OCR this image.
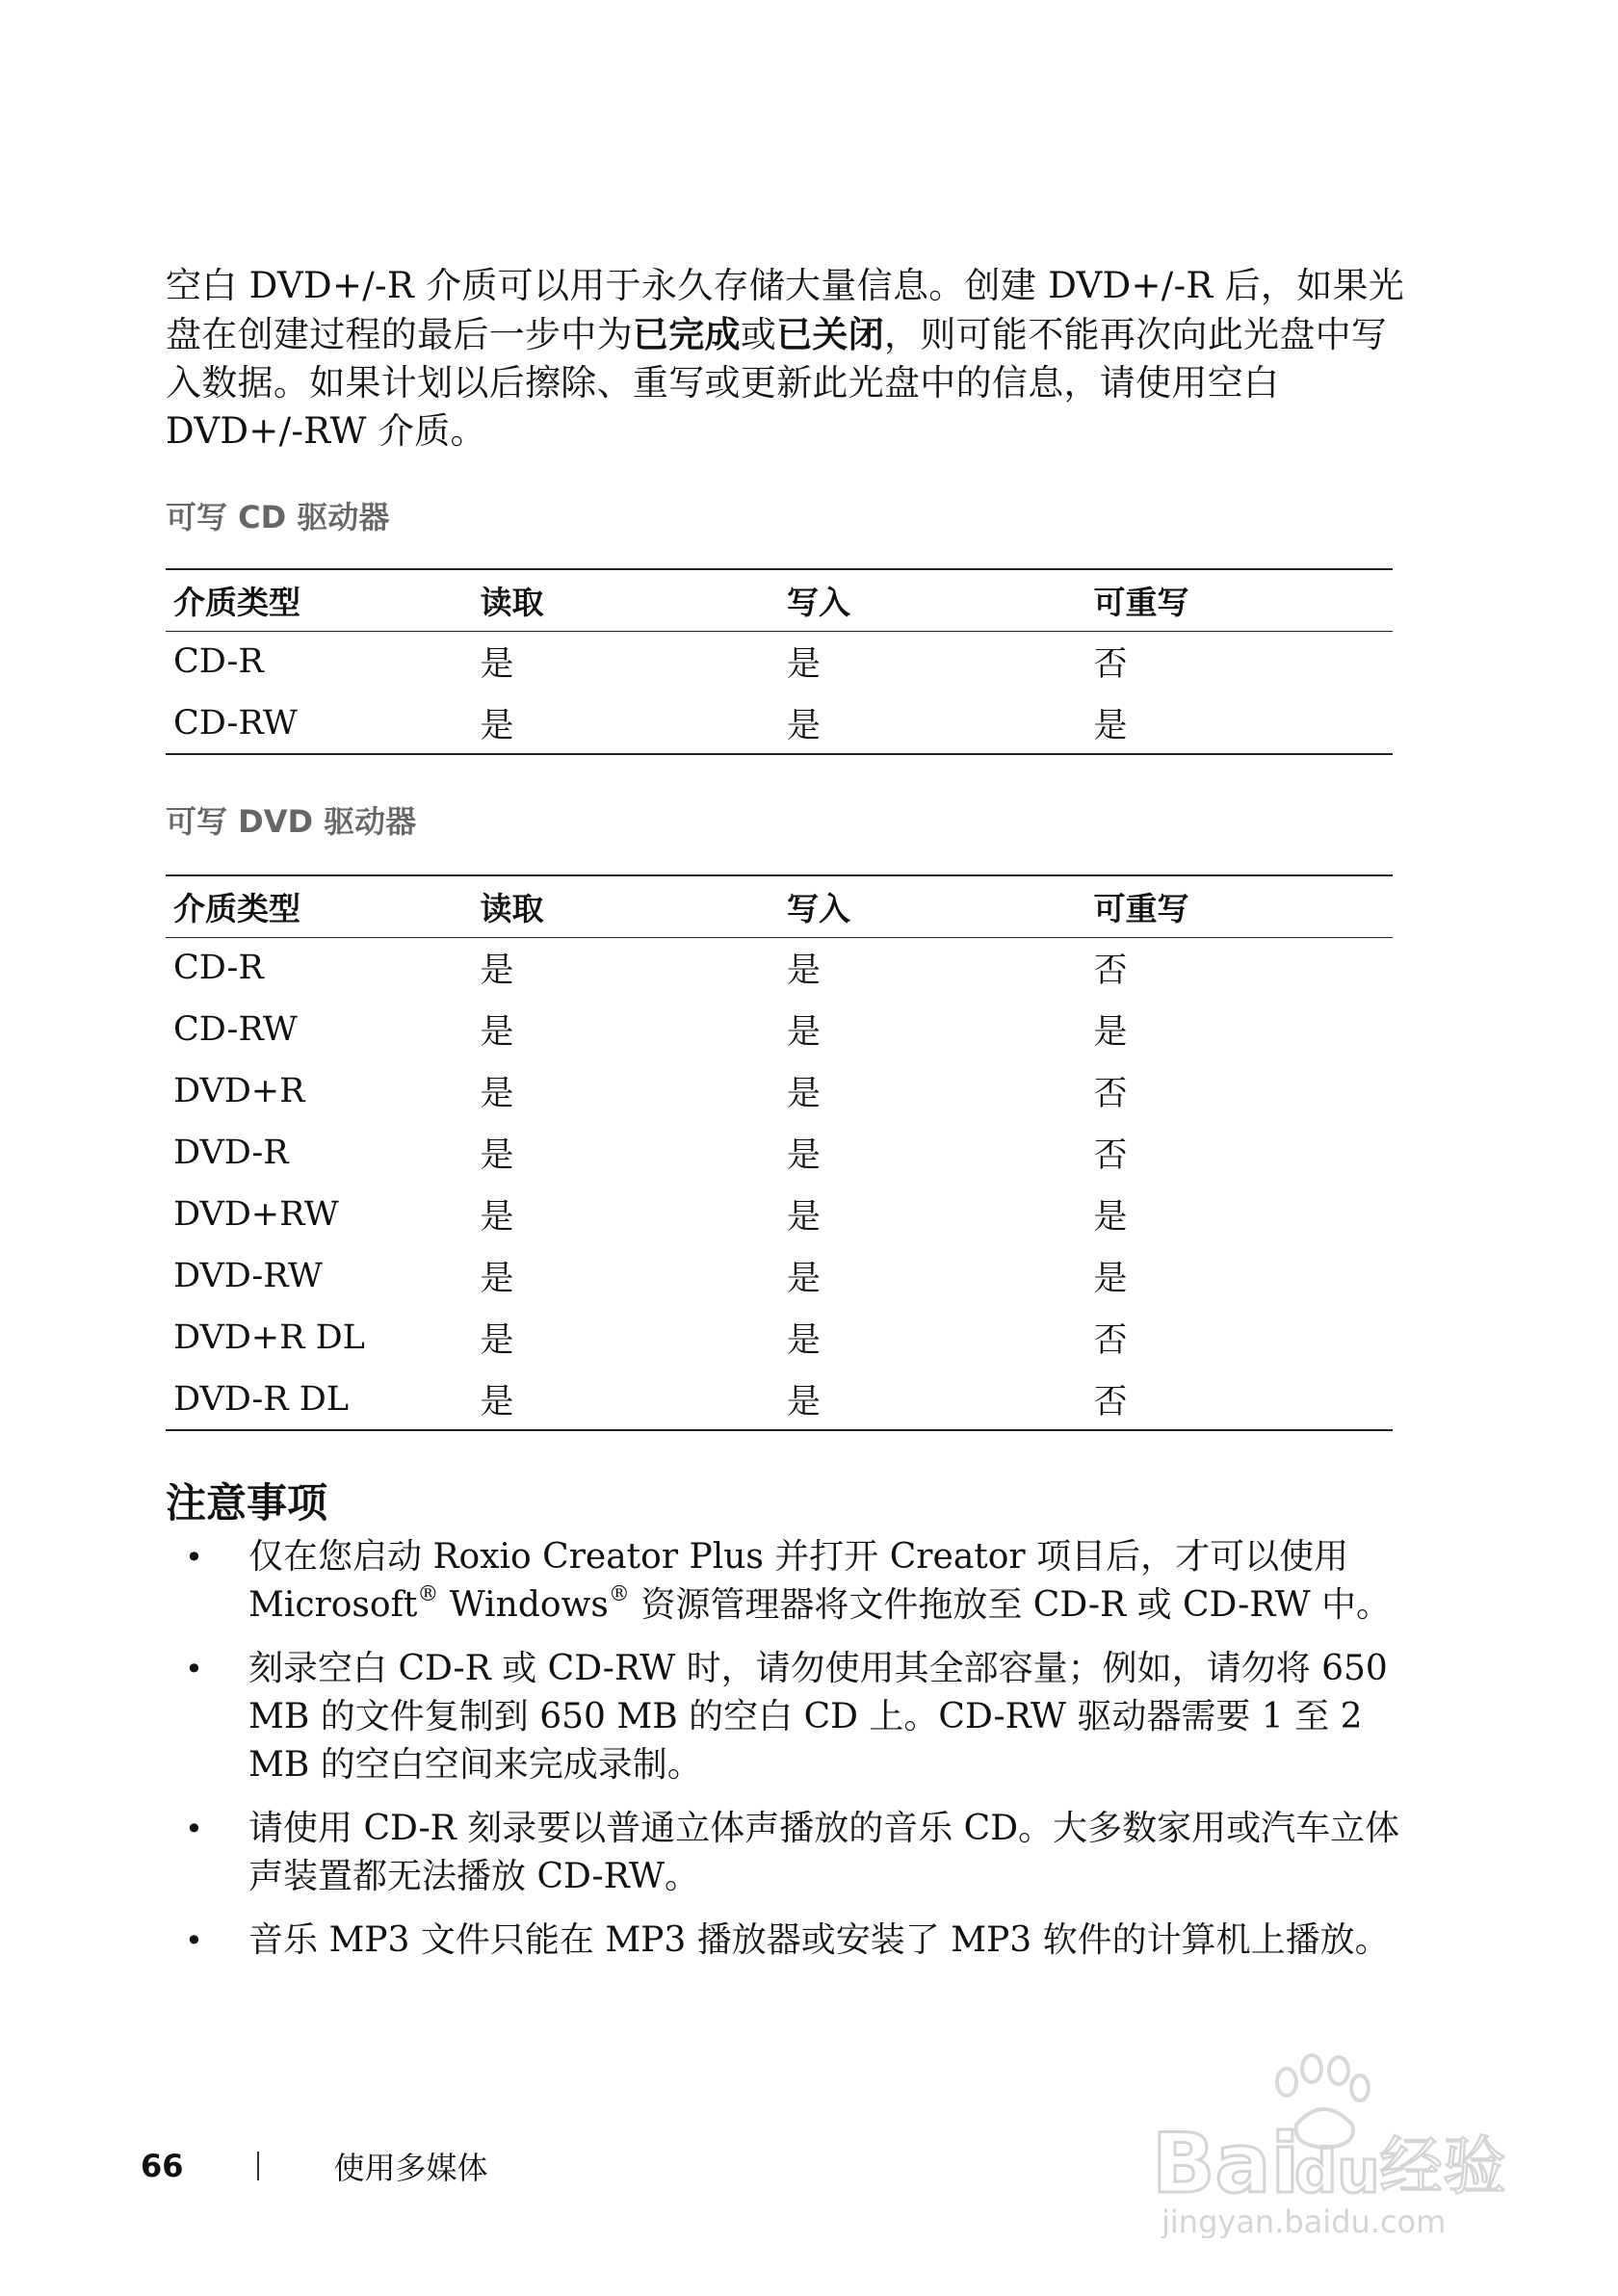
空白 DVD+/-R 介质可以用于永久存储大量信息。创建 DVD+/-R 后，如果光盘在创建过程的最后一步中为已完成或已关闭，则可能不能再次向此光盘中写入数据。如果计划以后擦除、重写或更新此光盘中的信息，请使用空白 DVD+/-RW 介质。

可写 CD 驱动器
介质类型	读取	写入	可重写
CD-R	是	是	否
CD-RW	是	是	是
可写 DVD 驱动器
介质类型	读取	写入	可重写
CD-R	是	是	否
CD-RW	是	是	是
DVD+R	是	是	否
DVD-R	是	是	否
DVD+RW	是	是	是
DVD-RW	是	是	是
DVD+R DL	是	是	否
DVD-R DL	是	是	否
注意事项
• 仅在您启动 Roxio Creator Plus 并打开 Creator 项目后，才可以使用 Microsoft® Windows® 资源管理器将文件拖放至 CD-R 或 CD-RW 中。
• 刻录空白 CD-R 或 CD-RW 时，请勿使用其全部容量；例如，请勿将 650 MB 的文件复制到 650 MB 的空白 CD 上。CD-RW 驱动器需要 1 至 2 MB 的空白空间来完成录制。
• 请使用 CD-R 刻录要以普通立体声播放的音乐 CD。大多数家用或汽车立体声装置都无法播放 CD-RW。
• 音乐 MP3 文件只能在 MP3 播放器或安装了 MP3 软件的计算机上播放。
66	使用多媒体	Bai
du 经验
jingyan.baidu.com
